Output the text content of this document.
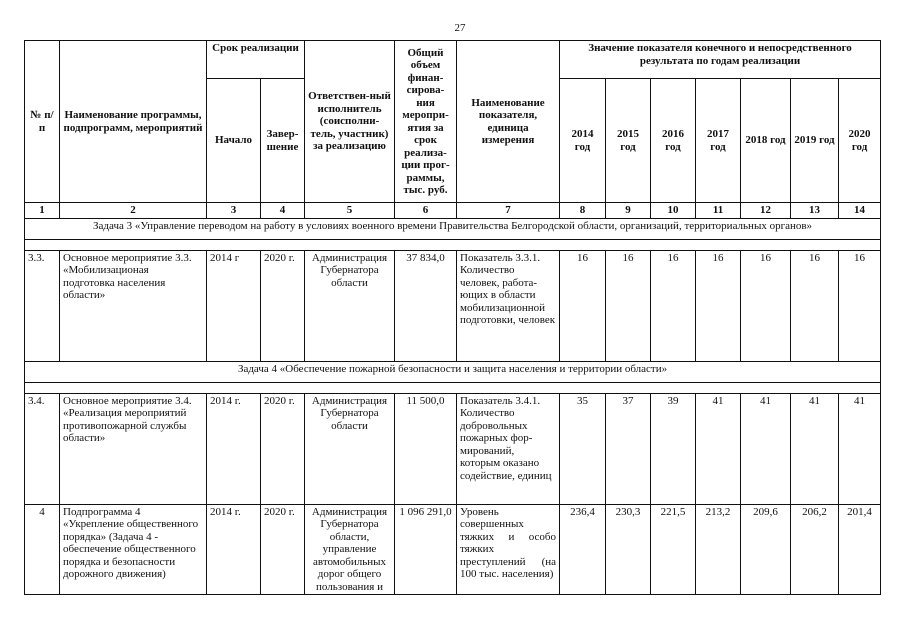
27
№ п/п	Наименование программы, подпрограмм, мероприятий	Срок реализации		Ответствен-ный исполнитель (соисполни-тель, участник) за реализацию	Общий объем финан-сирова-ния меропри-ятия за срок реализа-ции прог-раммы, тыс. руб.	Наименование показателя, единица измерения	Значение показателя конечного и непосредственного результата по годам реализации						
		Начало	Завер-шение				2014 год	2015 год	2016 год	2017 год	2018 год	2019 год	2020 год
1	2	3	4	5	6	7	8	9	10	11	12	13	14
Задача 3 «Управление переводом на работу в условиях военного времени Правительства Белгородской области, организаций, территориальных органов»													

3.3.	Основное мероприятие 3.3. «Мобилизационая подготовка населения области»	2014 г	2020 г.	Администрация Губернатора области	37 834,0	Показатель 3.3.1. Количество человек, работа-ющих в области мобилизационной подготовки, человек	16	16	16	16	16	16	16
Задача 4 «Обеспечение пожарной безопасности и защита населения и территории области»													

3.4.	Основное мероприятие 3.4. «Реализация мероприятий противопожарной службы области»	2014 г.	2020 г.	Администрация Губернатора области	11 500,0	Показатель 3.4.1. Количество добровольных пожарных фор-мирований, которым оказано содействие, единиц	35	37	39	41	41	41	41
4	Подпрограмма 4 «Укрепление общественного порядка» (Задача 4 - обеспечение общественного порядка и безопасности дорожного движения)	2014 г.	2020 г.	Администрация Губернатора области, управление автомобильных дорог общего пользования и	1 096 291,0	Уровень совершенных тяжких и особо тяжких преступлений (на 100 тыс. населения)	236,4	230,3	221,5	213,2	209,6	206,2	201,4
